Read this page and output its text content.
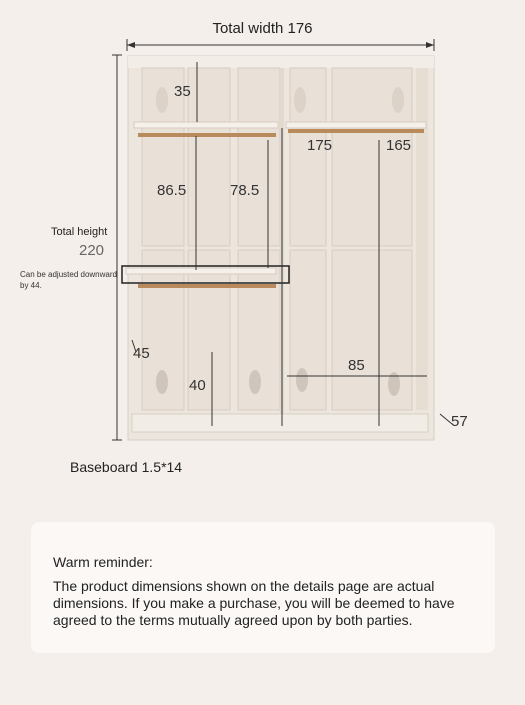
Total width 176
35
86.5	78.5
175	165
45
40
85
57
Total height
220
Can be adjusted downward by 44.
Baseboard 1.5*14
Warm reminder:

The product dimensions shown on the details page are actual dimensions. If you make a purchase, you will be deemed to have agreed to the terms mutually agreed upon by both parties.
